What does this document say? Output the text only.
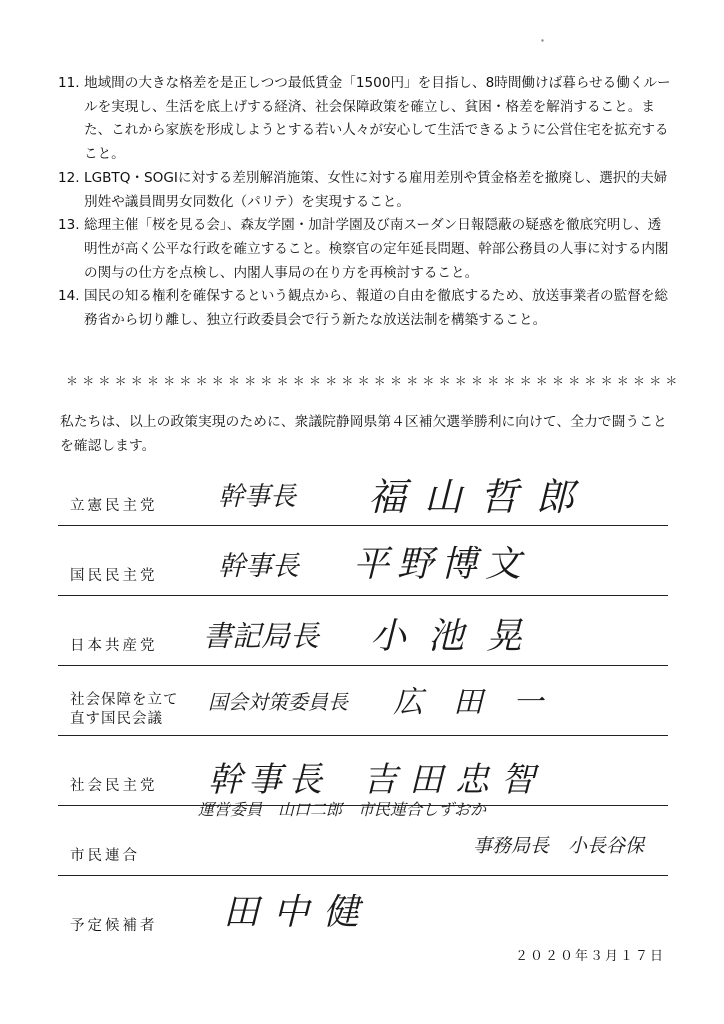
11. 地域間の大きな格差を是正しつつ最低賃金「1500円」を目指し、8時間働けば暮らせる働くルールを実現し、生活を底上げする経済、社会保障政策を確立し、貧困・格差を解消すること。また、これから家族を形成しようとする若い人々が安心して生活できるように公営住宅を拡充すること。
12. LGBTQ・SOGIに対する差別解消施策、女性に対する雇用差別や賃金格差を撤廃し、選択的夫婦別姓や議員間男女同数化（パリテ）を実現すること。
13. 総理主催「桜を見る会」、森友学園・加計学園及び南スーダン日報隠蔽の疑惑を徹底究明し、透明性が高く公平な行政を確立すること。検察官の定年延長問題、幹部公務員の人事に対する内閣の関与の仕方を点検し、内閣人事局の在り方を再検討すること。
14. 国民の知る権利を確保するという観点から、報道の自由を徹底するため、放送事業者の監督を総務省から切り離し、独立行政委員会で行う新たな放送法制を構築すること。
＊＊＊＊＊＊＊＊＊＊＊＊＊＊＊＊＊＊＊＊＊＊＊＊＊＊＊＊＊＊＊＊＊＊＊＊＊＊
私たちは、以上の政策実現のために、衆議院静岡県第４区補欠選挙勝利に向けて、全力で闘うことを確認します。
立憲民主党 幹事長 福山哲郎
国民民主党 幹事長 平野博文
日本共産党 書記局長 小池晃
社会保障を立て
直す国民会議
国会対策委員長 広田一
社会民主党 幹事長 吉田忠智
市民連合
運営委員　山口二郎　市民連合しずおか
事務局長　小長谷保
予定候補者 田中健
２０２０年３月１７日
